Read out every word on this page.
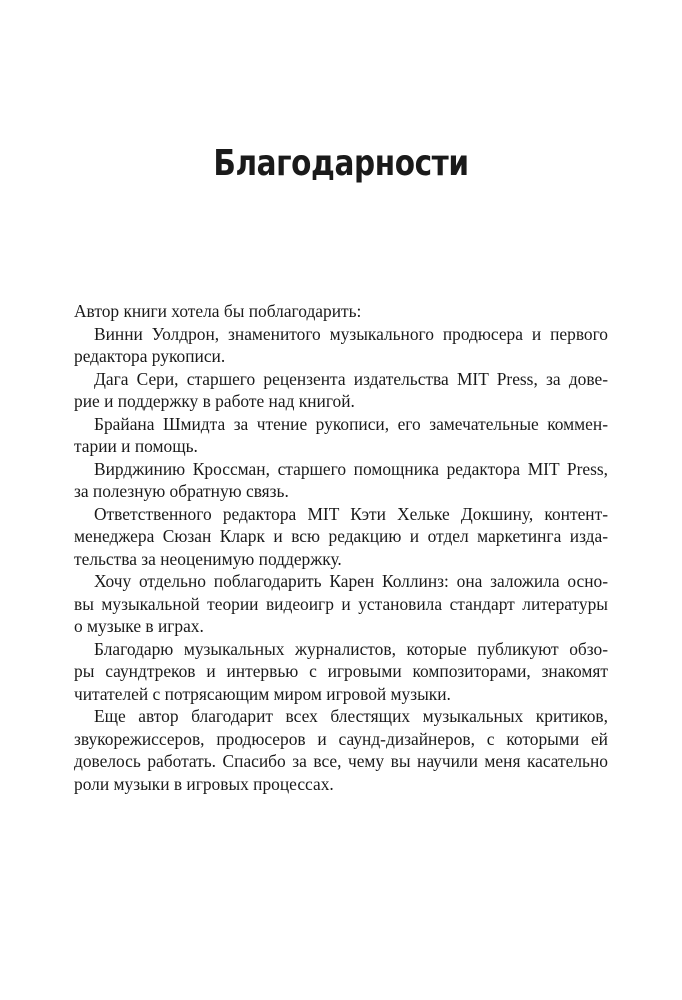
Благодарности

Автор книги хотела бы поблагодарить:

Винни Уолдрон, знаменитого музыкального продюсера и первого
редактора рукописи.
Дага Сери, старшего рецензента издательства MIT Press, за дове-
рие и поддержку в работе над книгой.
Брайана Шмидта за чтение рукописи, его замечательные коммен-
тарии и помощь.
Вирджинию Кроссман, старшего помощника редактора MIT Press,
за полезную обратную связь.
Ответственного редактора MIT Кэти Хельке Докшину, контент-
менеджера Сюзан Кларк и всю редакцию и отдел маркетинга изда-
тельства за неоценимую поддержку.
Хочу отдельно поблагодарить Карен Коллинз: она заложила осно-
вы музыкальной теории видеоигр и установила стандарт литературы
о музыке в играх.
Благодарю музыкальных журналистов, которые публикуют обзо-
ры саундтреков и интервью с игровыми композиторами, знакомят
читателей с потрясающим миром игровой музыки.
Еще автор благодарит всех блестящих музыкальных критиков,
звукорежиссеров, продюсеров и саунд-дизайнеров, с которыми ей
довелось работать. Спасибо за все, чему вы научили меня касательно
роли музыки в игровых процессах.
